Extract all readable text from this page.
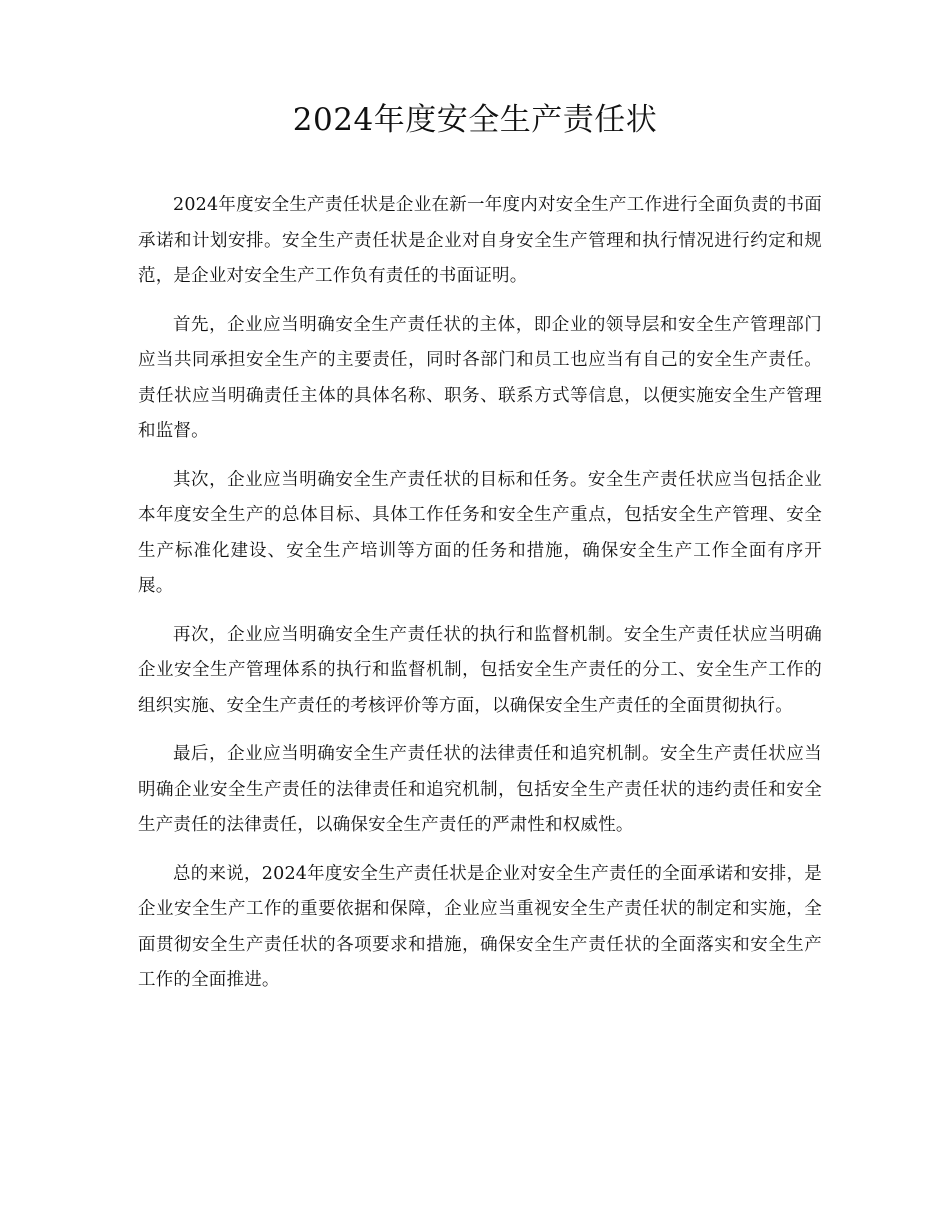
2024年度安全生产责任状

2024年度安全生产责任状是企业在新一年度内对安全生产工作进行全面负责的书面承诺和计划安排。安全生产责任状是企业对自身安全生产管理和执行情况进行约定和规范，是企业对安全生产工作负有责任的书面证明。

首先，企业应当明确安全生产责任状的主体，即企业的领导层和安全生产管理部门应当共同承担安全生产的主要责任，同时各部门和员工也应当有自己的安全生产责任。责任状应当明确责任主体的具体名称、职务、联系方式等信息，以便实施安全生产管理和监督。

其次，企业应当明确安全生产责任状的目标和任务。安全生产责任状应当包括企业本年度安全生产的总体目标、具体工作任务和安全生产重点，包括安全生产管理、安全生产标准化建设、安全生产培训等方面的任务和措施，确保安全生产工作全面有序开展。

再次，企业应当明确安全生产责任状的执行和监督机制。安全生产责任状应当明确企业安全生产管理体系的执行和监督机制，包括安全生产责任的分工、安全生产工作的组织实施、安全生产责任的考核评价等方面，以确保安全生产责任的全面贯彻执行。

最后，企业应当明确安全生产责任状的法律责任和追究机制。安全生产责任状应当明确企业安全生产责任的法律责任和追究机制，包括安全生产责任状的违约责任和安全生产责任的法律责任，以确保安全生产责任的严肃性和权威性。

总的来说，2024年度安全生产责任状是企业对安全生产责任的全面承诺和安排，是企业安全生产工作的重要依据和保障，企业应当重视安全生产责任状的制定和实施，全面贯彻安全生产责任状的各项要求和措施，确保安全生产责任状的全面落实和安全生产工作的全面推进。
